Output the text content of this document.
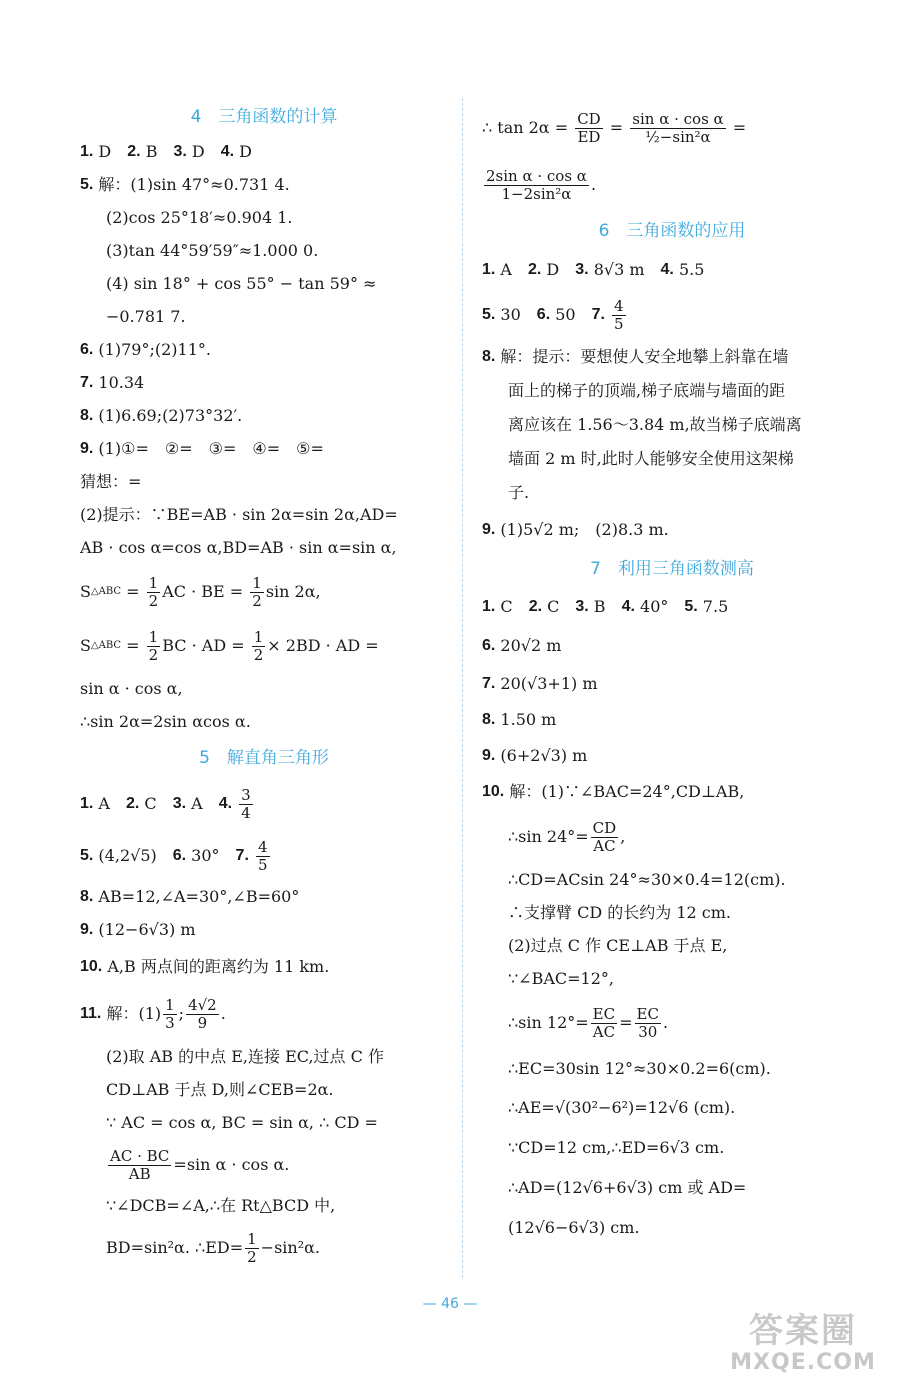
4　三角函数的计算
1. D　 2. B　 3. D　 4. D
5. 解：(1)sin 47°≈0.731 4.
(2)cos 25°18′≈0.904 1.
(3)tan 44°59′59″≈1.000 0.
(4) sin 18° + cos 55° − tan 59° ≈
−0.781 7.
6. (1)79°;(2)11°.
7. 10.34
8. (1)6.69;(2)73°32′.
9. (1)①=　②=　③=　④=　⑤=
猜想：=
(2)提示：∵BE=AB · sin 2α=sin 2α,AD=
AB · cos α=cos α,BD=AB · sin α=sin α,
S △ABC = $\frac{1}{2}$ AC · BE = $\frac{1}{2}$ sin 2α,
S △ABC = $\frac{1}{2}$ BC · AD = $\frac{1}{2} \times 2BD$ · AD =
sin α · cos α,
∴sin 2α=2sin αcos α.
5　解直角三角形
1. A　 2. C　 3. A　 4.
$\frac{3}{4}$
5. (4,2√5)　 6. 30°　 7.
$\frac{4}{5}$
8. AB=12,∠A=30°,∠B=60°
9. (12−6√3) m
10. A,B 两点间的距离约为 11 km.
11. 解：$(1) \frac{1}{3}$ ; $\frac{4√2}{9}$ .
(2)取 AB 的中点 E,连接 EC,过点 C 作
CD⊥AB 于点 D,则∠CEB=2α.
∵ AC = cos α, BC = sin α, ∴ CD =
$\frac{AC \cdot BC}{AB} =\sin$ α · cos α.
∵∠DCB=∠A,∴在 Rt△BCD 中,
BD=sin²α. ∴ED= $\frac{1}{2} -\sin^2\alpha$.
∴ $\tan 2\alpha = \frac{CD}{ED} = \frac{\text{sin α · cos α}}{\text{½−sin²α}}$ =
$\frac{\text{2sin α · cos α}}{\text{1−2sin²α}}$ .
6　三角函数的应用
1. A　 2. D　 3. 8√3 m　 4. 5.5
5. 30　 6. 50　 7.
$\frac{4}{5}$
8. 解：提示：要想使人安全地攀上斜靠在墙
面上的梯子的顶端,梯子底端与墙面的距
离应该在 1.56～3.84 m,故当梯子底端离
墙面 2 m 时,此时人能够安全使用这架梯
子.
9. (1)5√2 m;　(2)8.3 m.
7　利用三角函数测高
1. C　 2. C　 3. B　 4. 40°　 5. 7.5
6. 20√2 m
7. 20(√3+1) m
8. 1.50 m
9. (6+2√3) m
10. 解：(1)∵∠BAC=24°,CD⊥AB,
∴sin $24^\circ= \frac{CD}{AC}$ ,
∴CD=ACsin 24°≈30×0.4=12(cm).
∴支撑臂 CD 的长约为 12 cm.
(2)过点 C 作 CE⊥AB 于点 E,
∵∠BAC=12°,
∴sin $12^\circ= \frac{EC}{AC} = \frac{EC}{30}$ .
∴EC=30sin 12°≈30×0.2=6(cm).
∴AE=√(30²−6²)=12√6 (cm).
∵CD=12 cm,∴ED=6√3 cm.
∴AD=(12√6+6√3) cm 或 AD=
(12√6−6√3) cm.
— 46 —
答案圈
MXQE.COM
